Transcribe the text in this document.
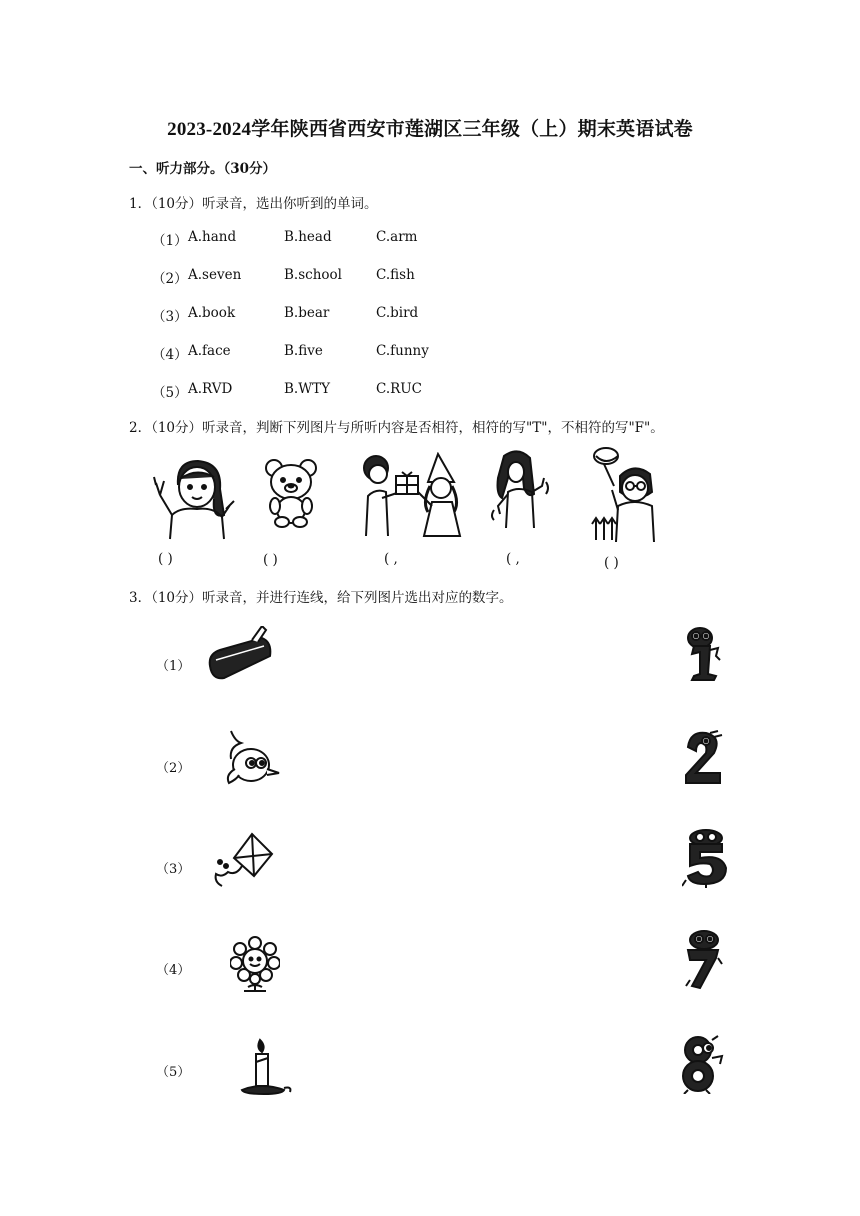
2023-2024学年陕西省西安市莲湖区三年级（上）期末英语试卷
一、听力部分。（30分）
1．（10分）听录音，选出你听到的单词。
（1） A.hand	B.head	C.arm
（2） A.seven	B.school	C.fish
（3） A.book	B.bear	C.bird
（4） A.face	B.five	C.funny
（5） A.RVD	B.WTY	C.RUC
2．（10分）听录音，判断下列图片与所听内容是否相符，相符的写"T"，不相符的写"F"。
( )	( )	( ,	( ,	( )
3．（10分）听录音，并进行连线，给下列图片选出对应的数字。
（1）
（2）
（3）
（4）
（5）
